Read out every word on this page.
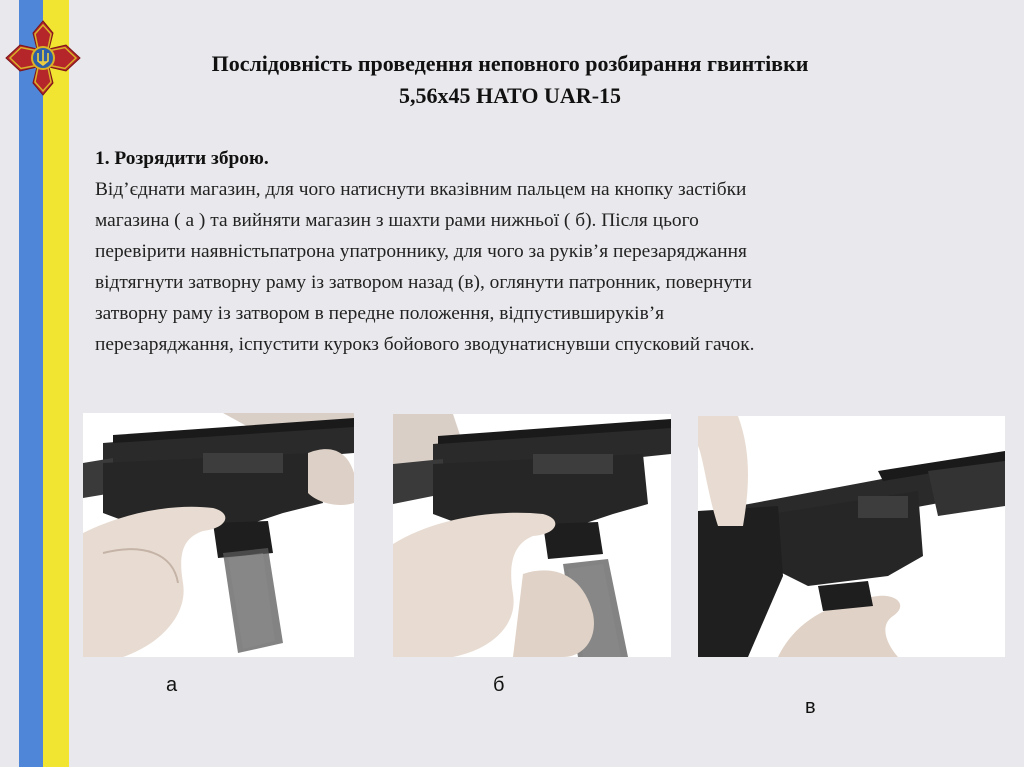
Послідовність проведення неповного розбирання гвинтівки
5,56х45 НАТО UAR-15
1. Розрядити зброю.
Від’єднати магазин, для чого натиснути вказівним пальцем на кнопку застібки
магазина ( а ) та вийняти магазин з шахти рами нижньої ( б). Після цього
перевірити наявністьпатрона упатроннику, для чого за руків’я перезаряджання
відтягнути затворну раму із затвором назад (в), оглянути патронник, повернути
затворну раму із затвором в передне положення, відпустившируків’я
перезаряджання, іспустити курокз бойового зводунатиснувши спусковий гачок.
а	б
в
